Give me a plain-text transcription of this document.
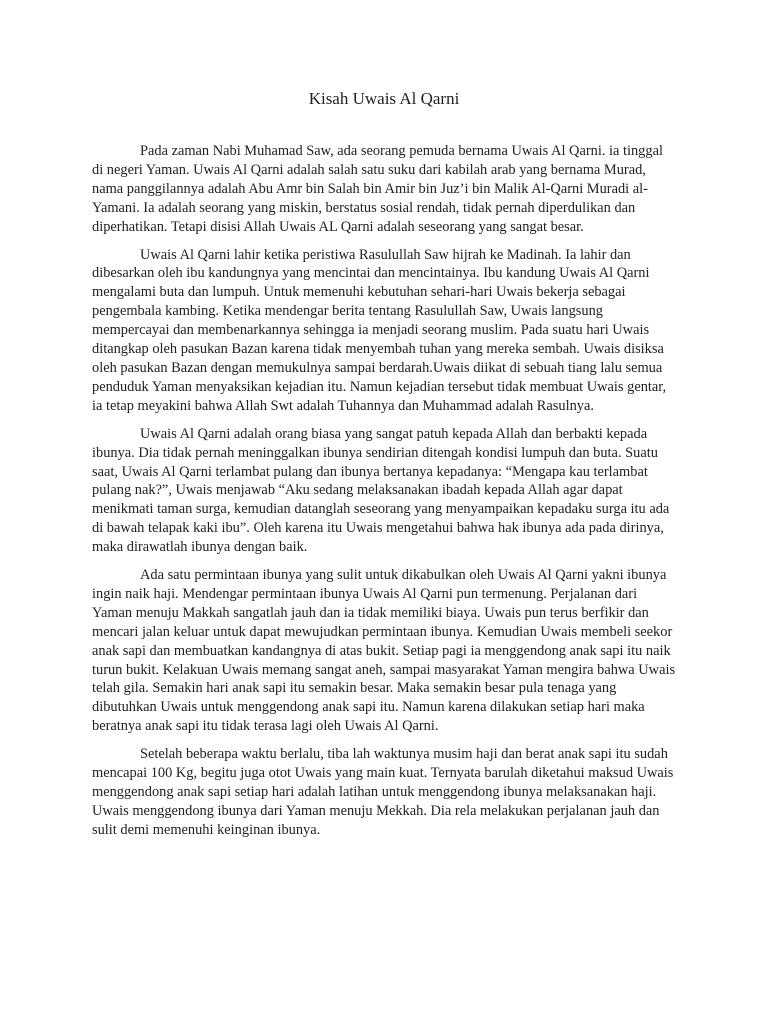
Kisah Uwais Al Qarni

Pada zaman Nabi Muhamad Saw, ada seorang pemuda bernama Uwais Al Qarni. ia tinggal di negeri Yaman. Uwais Al Qarni adalah salah satu suku dari kabilah arab yang bernama Murad, nama panggilannya adalah Abu Amr bin Salah bin Amir bin Juz’i bin Malik Al-Qarni Muradi al-Yamani. Ia adalah seorang yang miskin, berstatus sosial rendah, tidak pernah diperdulikan dan diperhatikan. Tetapi disisi Allah Uwais AL Qarni adalah seseorang yang sangat besar.

Uwais Al Qarni lahir ketika peristiwa Rasulullah Saw hijrah ke Madinah. Ia lahir dan dibesarkan oleh ibu kandungnya yang mencintai dan mencintainya. Ibu kandung Uwais Al Qarni mengalami buta dan lumpuh. Untuk memenuhi kebutuhan sehari-hari Uwais bekerja sebagai pengembala kambing. Ketika mendengar berita tentang Rasulullah Saw, Uwais langsung mempercayai dan membenarkannya sehingga ia menjadi seorang muslim. Pada suatu hari Uwais ditangkap oleh pasukan Bazan karena tidak menyembah tuhan yang mereka sembah. Uwais disiksa oleh pasukan Bazan dengan memukulnya sampai berdarah.Uwais diikat di sebuah tiang lalu semua penduduk Yaman menyaksikan kejadian itu. Namun kejadian tersebut tidak membuat Uwais gentar, ia tetap meyakini bahwa Allah Swt adalah Tuhannya dan Muhammad adalah Rasulnya.

Uwais Al Qarni adalah orang biasa yang sangat patuh kepada Allah dan berbakti kepada ibunya. Dia tidak pernah meninggalkan ibunya sendirian ditengah kondisi lumpuh dan buta. Suatu saat, Uwais Al Qarni terlambat pulang dan ibunya bertanya kepadanya: “Mengapa kau terlambat pulang nak?”, Uwais menjawab “Aku sedang melaksanakan ibadah kepada Allah agar dapat menikmati taman surga, kemudian datanglah seseorang yang menyampaikan kepadaku surga itu ada di bawah telapak kaki ibu”. Oleh karena itu Uwais mengetahui bahwa hak ibunya ada pada dirinya, maka dirawatlah ibunya dengan baik.

Ada satu permintaan ibunya yang sulit untuk dikabulkan oleh Uwais Al Qarni yakni ibunya ingin naik haji. Mendengar permintaan ibunya Uwais Al Qarni pun termenung. Perjalanan dari Yaman menuju Makkah sangatlah jauh dan ia tidak memiliki biaya. Uwais pun terus berfikir dan mencari jalan keluar untuk dapat mewujudkan permintaan ibunya. Kemudian Uwais membeli seekor anak sapi dan membuatkan kandangnya di atas bukit. Setiap pagi ia menggendong anak sapi itu naik turun bukit. Kelakuan Uwais memang sangat aneh, sampai masyarakat Yaman mengira bahwa Uwais telah gila. Semakin hari anak sapi itu semakin besar. Maka semakin besar pula tenaga yang dibutuhkan Uwais untuk menggendong anak sapi itu. Namun karena dilakukan setiap hari maka beratnya anak sapi itu tidak terasa lagi oleh Uwais Al Qarni.

Setelah beberapa waktu berlalu, tiba lah waktunya musim haji dan berat anak sapi itu sudah mencapai 100 Kg, begitu juga otot Uwais yang main kuat. Ternyata barulah diketahui maksud Uwais menggendong anak sapi setiap hari adalah latihan untuk menggendong ibunya melaksanakan haji. Uwais menggendong ibunya dari Yaman menuju Mekkah. Dia rela melakukan perjalanan jauh dan sulit demi memenuhi keinginan ibunya.
